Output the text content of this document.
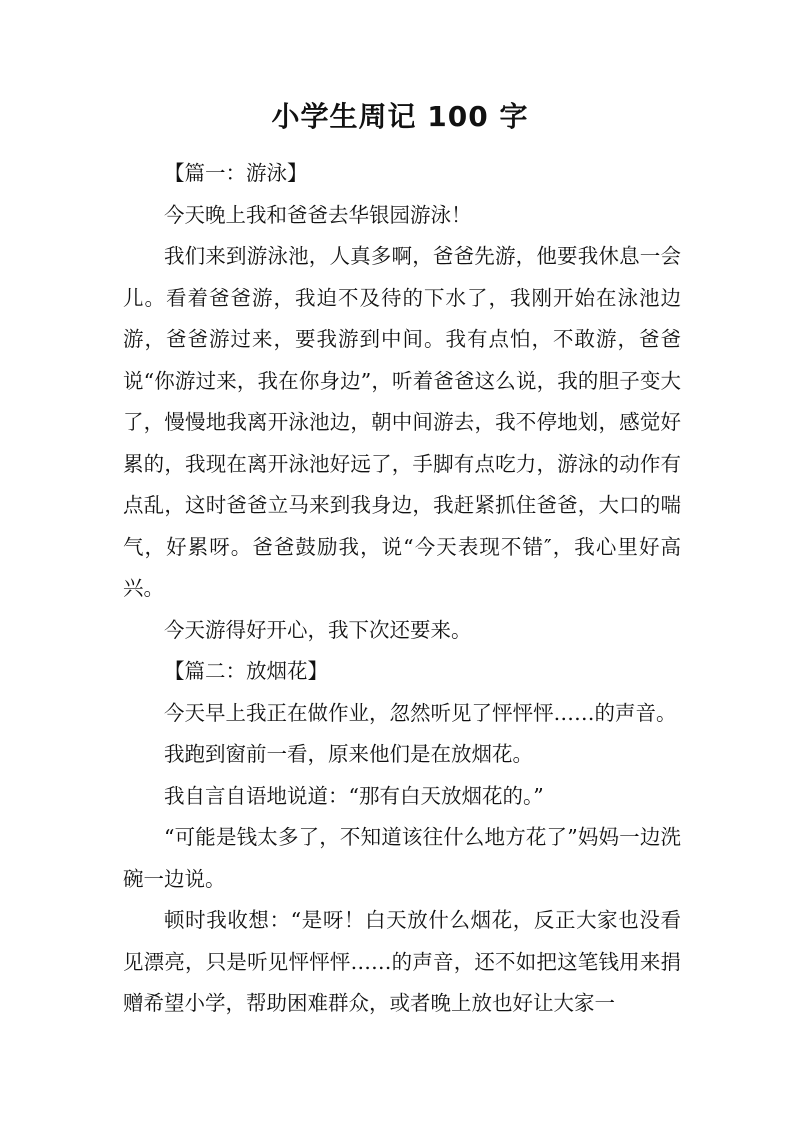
小学生周记 100 字

【篇一：游泳】

今天晚上我和爸爸去华银园游泳！

我们来到游泳池，人真多啊，爸爸先游，他要我休息一会儿。看着爸爸游，我迫不及待的下水了，我刚开始在泳池边游，爸爸游过来，要我游到中间。我有点怕，不敢游，爸爸说“你游过来，我在你身边”，听着爸爸这么说，我的胆子变大了，慢慢地我离开泳池边，朝中间游去，我不停地划，感觉好累的，我现在离开泳池好远了，手脚有点吃力，游泳的动作有点乱，这时爸爸立马来到我身边，我赶紧抓住爸爸，大口的喘气，好累呀。爸爸鼓励我，说“今天表现不错″，我心里好高兴。

今天游得好开心，我下次还要来。

【篇二：放烟花】

今天早上我正在做作业，忽然听见了怦怦怦……的声音。

我跑到窗前一看，原来他们是在放烟花。

我自言自语地说道：“那有白天放烟花的。”

“可能是钱太多了，不知道该往什么地方花了”妈妈一边洗碗一边说。

顿时我收想：“是呀！白天放什么烟花，反正大家也没看见漂亮，只是听见怦怦怦……的声音，还不如把这笔钱用来捐赠希望小学，帮助困难群众，或者晚上放也好让大家一
